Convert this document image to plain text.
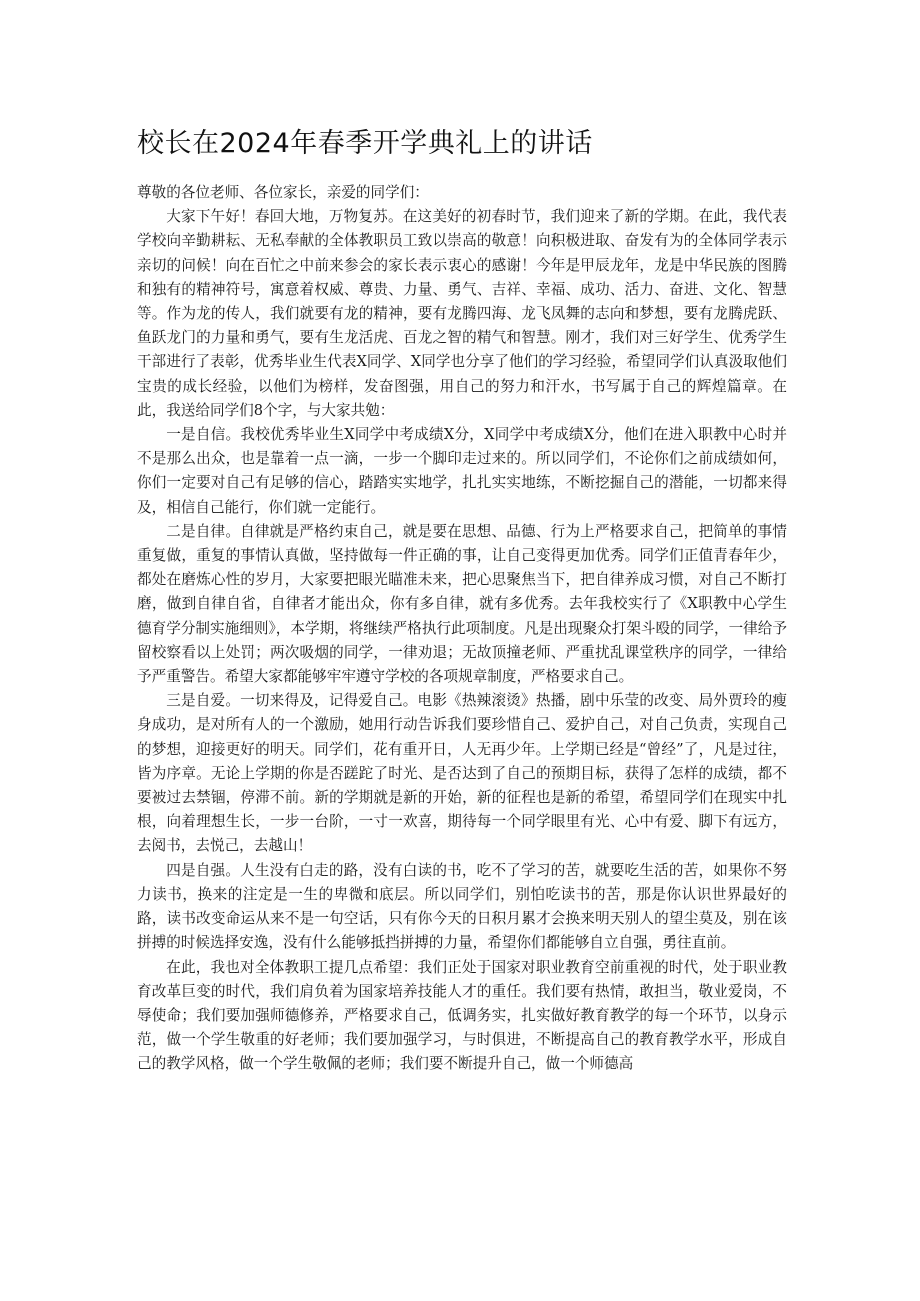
校长在2024年春季开学典礼上的讲话

尊敬的各位老师、各位家长，亲爱的同学们：

大家下午好！春回大地，万物复苏。在这美好的初春时节，我们迎来了新的学期。在此，我代表学校向辛勤耕耘、无私奉献的全体教职员工致以崇高的敬意！向积极进取、奋发有为的全体同学表示亲切的问候！向在百忙之中前来参会的家长表示衷心的感谢！今年是甲辰龙年，龙是中华民族的图腾和独有的精神符号，寓意着权威、尊贵、力量、勇气、吉祥、幸福、成功、活力、奋进、文化、智慧等。作为龙的传人，我们就要有龙的精神，要有龙腾四海、龙飞凤舞的志向和梦想，要有龙腾虎跃、鱼跃龙门的力量和勇气，要有生龙活虎、百龙之智的精气和智慧。刚才，我们对三好学生、优秀学生干部进行了表彰，优秀毕业生代表X同学、X同学也分享了他们的学习经验，希望同学们认真汲取他们宝贵的成长经验，以他们为榜样，发奋图强，用自己的努力和汗水，书写属于自己的辉煌篇章。在此，我送给同学们8个字，与大家共勉：

一是自信。我校优秀毕业生X同学中考成绩X分，X同学中考成绩X分，他们在进入职教中心时并不是那么出众，也是靠着一点一滴，一步一个脚印走过来的。所以同学们，不论你们之前成绩如何，你们一定要对自己有足够的信心，踏踏实实地学，扎扎实实地练，不断挖掘自己的潜能，一切都来得及，相信自己能行，你们就一定能行。

二是自律。自律就是严格约束自己，就是要在思想、品德、行为上严格要求自己，把简单的事情重复做，重复的事情认真做，坚持做每一件正确的事，让自己变得更加优秀。同学们正值青春年少，都处在磨炼心性的岁月，大家要把眼光瞄准未来，把心思聚焦当下，把自律养成习惯，对自己不断打磨，做到自律自省，自律者才能出众，你有多自律，就有多优秀。去年我校实行了《X职教中心学生德育学分制实施细则》，本学期，将继续严格执行此项制度。凡是出现聚众打架斗殴的同学，一律给予留校察看以上处罚；两次吸烟的同学，一律劝退；无故顶撞老师、严重扰乱课堂秩序的同学，一律给予严重警告。希望大家都能够牢牢遵守学校的各项规章制度，严格要求自己。

三是自爱。一切来得及，记得爱自己。电影《热辣滚烫》热播，剧中乐莹的改变、局外贾玲的瘦身成功，是对所有人的一个激励，她用行动告诉我们要珍惜自己、爱护自己，对自己负责，实现自己的梦想，迎接更好的明天。同学们，花有重开日，人无再少年。上学期已经是“曾经”了，凡是过往，皆为序章。无论上学期的你是否蹉跎了时光、是否达到了自己的预期目标，获得了怎样的成绩，都不要被过去禁锢，停滞不前。新的学期就是新的开始，新的征程也是新的希望，希望同学们在现实中扎根，向着理想生长，一步一台阶，一寸一欢喜，期待每一个同学眼里有光、心中有爱、脚下有远方，去阅书，去悦己，去越山！

四是自强。人生没有白走的路，没有白读的书，吃不了学习的苦，就要吃生活的苦，如果你不努力读书，换来的注定是一生的卑微和底层。所以同学们，别怕吃读书的苦，那是你认识世界最好的路，读书改变命运从来不是一句空话，只有你今天的日积月累才会换来明天别人的望尘莫及，别在该拼搏的时候选择安逸，没有什么能够抵挡拼搏的力量，希望你们都能够自立自强，勇往直前。

在此，我也对全体教职工提几点希望：我们正处于国家对职业教育空前重视的时代，处于职业教育改革巨变的时代，我们肩负着为国家培养技能人才的重任。我们要有热情，敢担当，敬业爱岗，不辱使命；我们要加强师德修养，严格要求自己，低调务实，扎实做好教育教学的每一个环节，以身示范，做一个学生敬重的好老师；我们要加强学习，与时俱进，不断提高自己的教育教学水平，形成自己的教学风格，做一个学生敬佩的老师；我们要不断提升自己，做一个师德高
